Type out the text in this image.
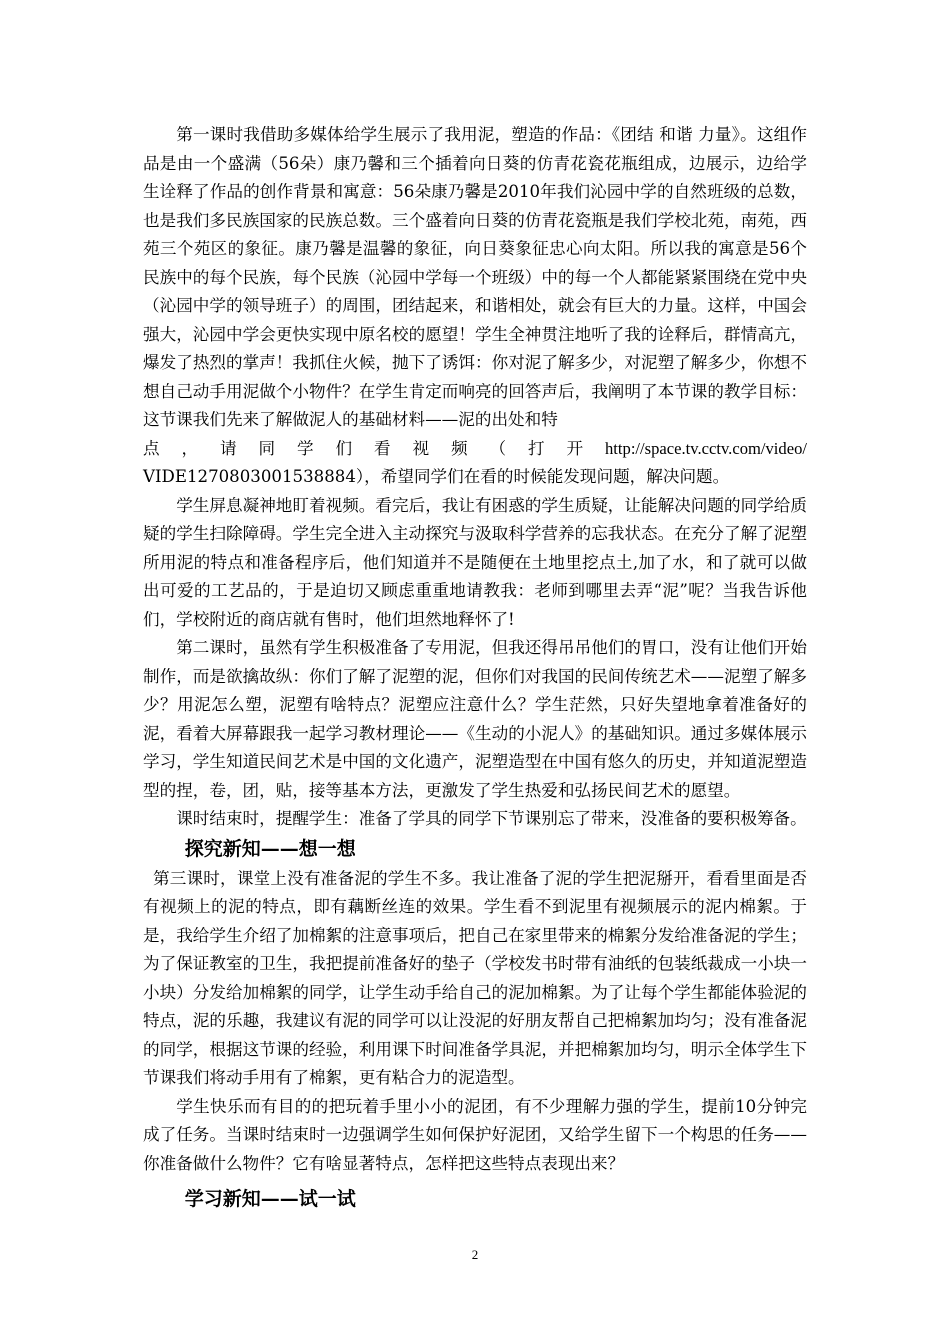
第一课时我借助多媒体给学生展示了我用泥，塑造的作品：《团结 和谐 力量》。这组作品是由一个盛满（56朵）康乃馨和三个插着向日葵的仿青花瓷花瓶组成，边展示，边给学生诠释了作品的创作背景和寓意：56朵康乃馨是2010年我们沁园中学的自然班级的总数，也是我们多民族国家的民族总数。三个盛着向日葵的仿青花瓷瓶是我们学校北苑，南苑，西苑三个苑区的象征。康乃馨是温馨的象征，向日葵象征忠心向太阳。所以我的寓意是56个民族中的每个民族，每个民族（沁园中学每一个班级）中的每一个人都能紧紧围绕在党中央（沁园中学的领导班子）的周围，团结起来，和谐相处，就会有巨大的力量。这样，中国会强大，沁园中学会更快实现中原名校的愿望！学生全神贯注地听了我的诠释后，群情高亢，爆发了热烈的掌声！我抓住火候，抛下了诱饵：你对泥了解多少，对泥塑了解多少，你想不想自己动手用泥做个小物件？在学生肯定而响亮的回答声后，我阐明了本节课的教学目标：这节课我们先来了解做泥人的基础材料——泥的出处和特

点 ， 请 同 学 们 看 视 频 （ 打 开 http://space.tv.cctv.com/video/

VIDE1270803001538884），希望同学们在看的时候能发现问题，解决问题。

学生屏息凝神地盯着视频。看完后，我让有困惑的学生质疑，让能解决问题的同学给质疑的学生扫除障碍。学生完全进入主动探究与汲取科学营养的忘我状态。在充分了解了泥塑所用泥的特点和准备程序后，他们知道并不是随便在土地里挖点土,加了水，和了就可以做出可爱的工艺品的，于是迫切又顾虑重重地请教我：老师到哪里去弄“泥”呢？当我告诉他们，学校附近的商店就有售时，他们坦然地释怀了!

第二课时，虽然有学生积极准备了专用泥，但我还得吊吊他们的胃口，没有让他们开始制作，而是欲擒故纵：你们了解了泥塑的泥，但你们对我国的民间传统艺术——泥塑了解多少？用泥怎么塑，泥塑有啥特点？泥塑应注意什么？学生茫然，只好失望地拿着准备好的泥，看着大屏幕跟我一起学习教材理论——《生动的小泥人》的基础知识。通过多媒体展示学习，学生知道民间艺术是中国的文化遗产，泥塑造型在中国有悠久的历史，并知道泥塑造型的捏，卷，团，贴，接等基本方法，更激发了学生热爱和弘扬民间艺术的愿望。

课时结束时，提醒学生：准备了学具的同学下节课别忘了带来，没准备的要积极筹备。

探究新知——想一想

第三课时，课堂上没有准备泥的学生不多。我让准备了泥的学生把泥掰开，看看里面是否有视频上的泥的特点，即有藕断丝连的效果。学生看不到泥里有视频展示的泥内棉絮。于是，我给学生介绍了加棉絮的注意事项后，把自己在家里带来的棉絮分发给准备泥的学生；为了保证教室的卫生，我把提前准备好的垫子（学校发书时带有油纸的包装纸裁成一小块一小块）分发给加棉絮的同学，让学生动手给自己的泥加棉絮。为了让每个学生都能体验泥的特点，泥的乐趣，我建议有泥的同学可以让没泥的好朋友帮自己把棉絮加均匀；没有准备泥的同学，根据这节课的经验，利用课下时间准备学具泥，并把棉絮加均匀，明示全体学生下节课我们将动手用有了棉絮，更有粘合力的泥造型。

学生快乐而有目的的把玩着手里小小的泥团，有不少理解力强的学生，提前10分钟完成了任务。当课时结束时一边强调学生如何保护好泥团，又给学生留下一个构思的任务——你准备做什么物件？它有啥显著特点，怎样把这些特点表现出来？

学习新知——试一试
2
